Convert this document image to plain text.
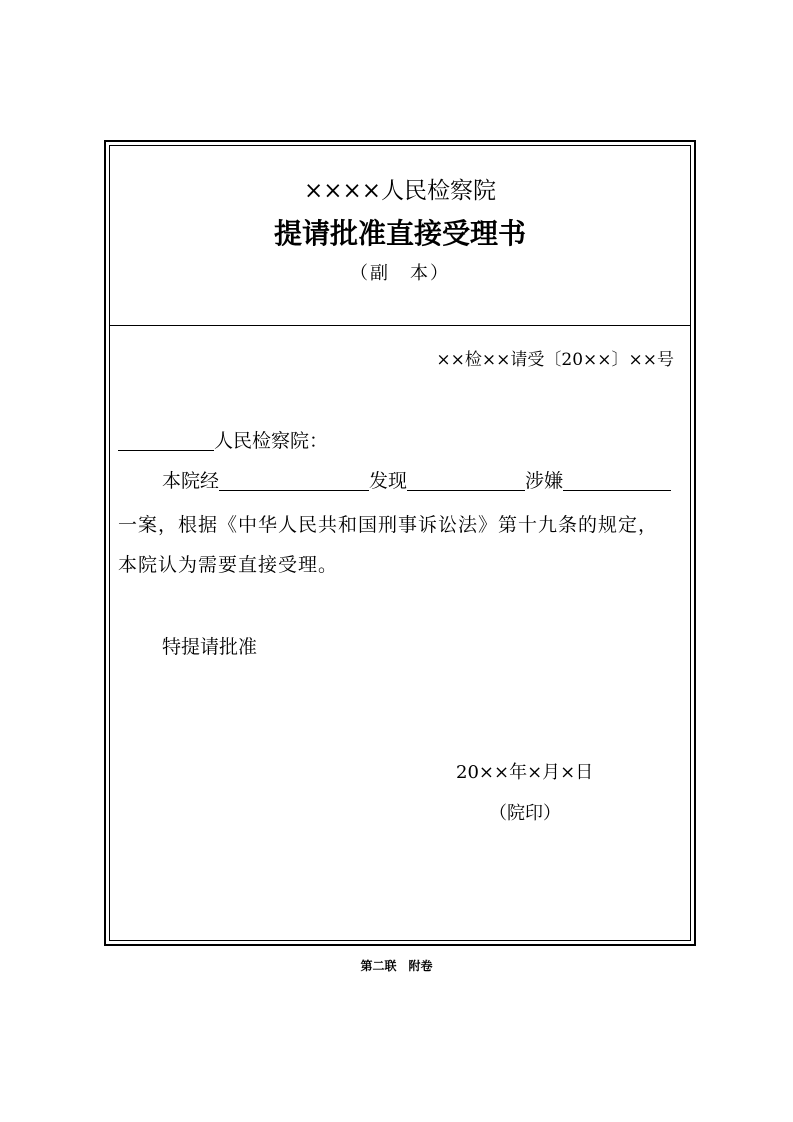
××××人民检察院
提请批准直接受理书
（副　本）
××检××请受〔20××〕××号
人民检察院：
本院经	发现	涉嫌
一案，根据《中华人民共和国刑事诉讼法》第十九条的规定，
本院认为需要直接受理。
特提请批准
20××年×月×日
（院印）
第二联　附卷
